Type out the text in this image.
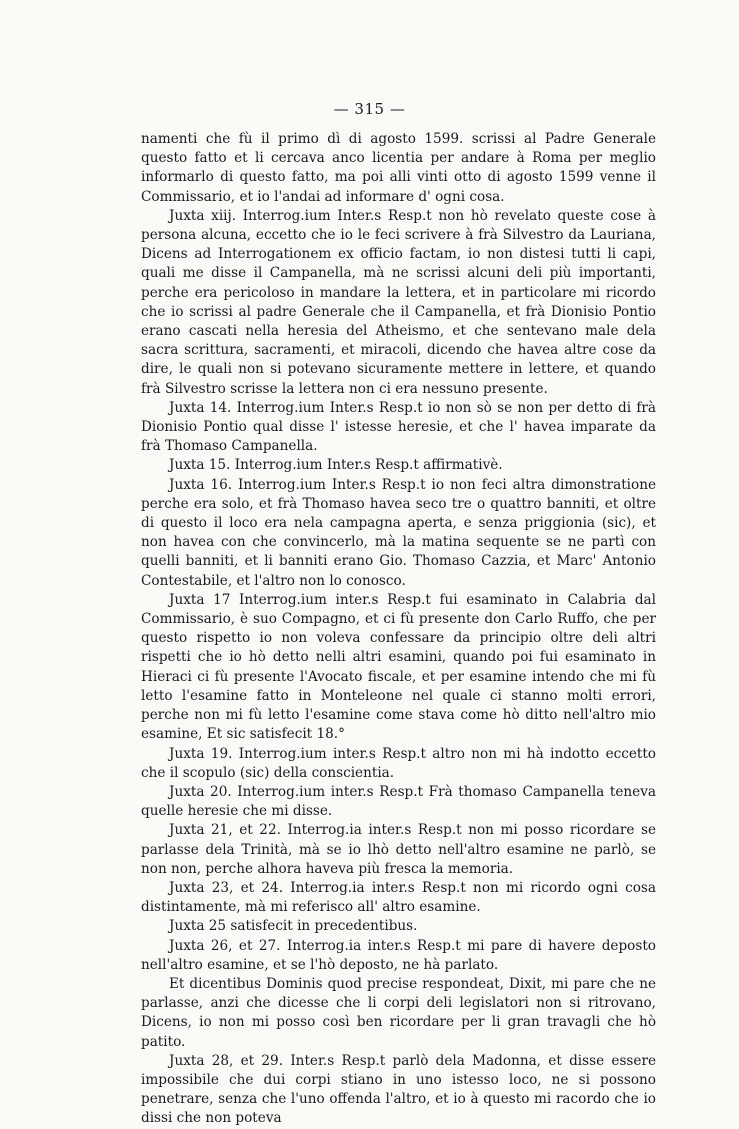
— 315 —

namenti che fù il primo dì di agosto 1599. scrissi al Padre Generale questo fatto et li cercava anco licentia per andare à Roma per meglio informarlo di questo fatto, ma poi alli vinti otto di agosto 1599 venne il Commissario, et io l'andai ad informare d' ogni cosa.

Juxta xiij. Interrog.ium Inter.s Resp.t non hò revelato queste cose à persona alcuna, eccetto che io le feci scrivere à frà Silvestro da Lauriana, Dicens ad Interrogationem ex officio factam, io non distesi tutti li capi, quali me disse il Campanella, mà ne scrissi alcuni deli più importanti, perche era pericoloso in mandare la lettera, et in particolare mi ricordo che io scrissi al padre Generale che il Campanella, et frà Dionisio Pontio erano cascati nella heresia del Atheismo, et che sentevano male dela sacra scrittura, sacramenti, et miracoli, dicendo che havea altre cose da dire, le quali non si potevano sicuramente mettere in lettere, et quando frà Silvestro scrisse la lettera non ci era nessuno presente.

Juxta 14. Interrog.ium Inter.s Resp.t io non sò se non per detto di frà Dionisio Pontio qual disse l' istesse heresie, et che l' havea imparate da frà Thomaso Campanella.

Juxta 15. Interrog.ium Inter.s Resp.t affirmativè.

Juxta 16. Interrog.ium Inter.s Resp.t io non feci altra dimonstratione perche era solo, et frà Thomaso havea seco tre o quattro banniti, et oltre di questo il loco era nela campagna aperta, e senza priggionia (sic), et non havea con che convincerlo, mà la matina sequente se ne partì con quelli banniti, et li banniti erano Gio. Thomaso Cazzia, et Marc' Antonio Contestabile, et l'altro non lo conosco.

Juxta 17 Interrog.ium inter.s Resp.t fui esaminato in Calabria dal Commissario, è suo Compagno, et ci fù presente don Carlo Ruffo, che per questo rispetto io non voleva confessare da principio oltre deli altri rispetti che io hò detto nelli altri esamini, quando poi fui esaminato in Hieraci ci fù presente l'Avocato fiscale, et per esamine intendo che mi fù letto l'esamine fatto in Monteleone nel quale ci stanno molti errori, perche non mi fù letto l'esamine come stava come hò ditto nell'altro mio esamine, Et sic satisfecit 18.°

Juxta 19. Interrog.ium inter.s Resp.t altro non mi hà indotto eccetto che il scopulo (sic) della conscientia.

Juxta 20. Interrog.ium inter.s Resp.t Frà thomaso Campanella teneva quelle heresie che mi disse.

Juxta 21, et 22. Interrog.ia inter.s Resp.t non mi posso ricordare se parlasse dela Trinità, mà se io lhò detto nell'altro esamine ne parlò, se non non, perche alhora haveva più fresca la memoria.

Juxta 23, et 24. Interrog.ia inter.s Resp.t non mi ricordo ogni cosa distintamente, mà mi referisco all' altro esamine.

Juxta 25 satisfecit in precedentibus.

Juxta 26, et 27. Interrog.ia inter.s Resp.t mi pare di havere deposto nell'altro esamine, et se l'hò deposto, ne hà parlato.

Et dicentibus Dominis quod precise respondeat, Dixit, mi pare che ne parlasse, anzi che dicesse che li corpi deli legislatori non si ritrovano, Dicens, io non mi posso così ben ricordare per li gran travagli che hò patito.

Juxta 28, et 29. Inter.s Resp.t parlò dela Madonna, et disse essere impossibile che dui corpi stiano in uno istesso loco, ne si possono penetrare, senza che l'uno offenda l'altro, et io à questo mi racordo che io dissi che non poteva
